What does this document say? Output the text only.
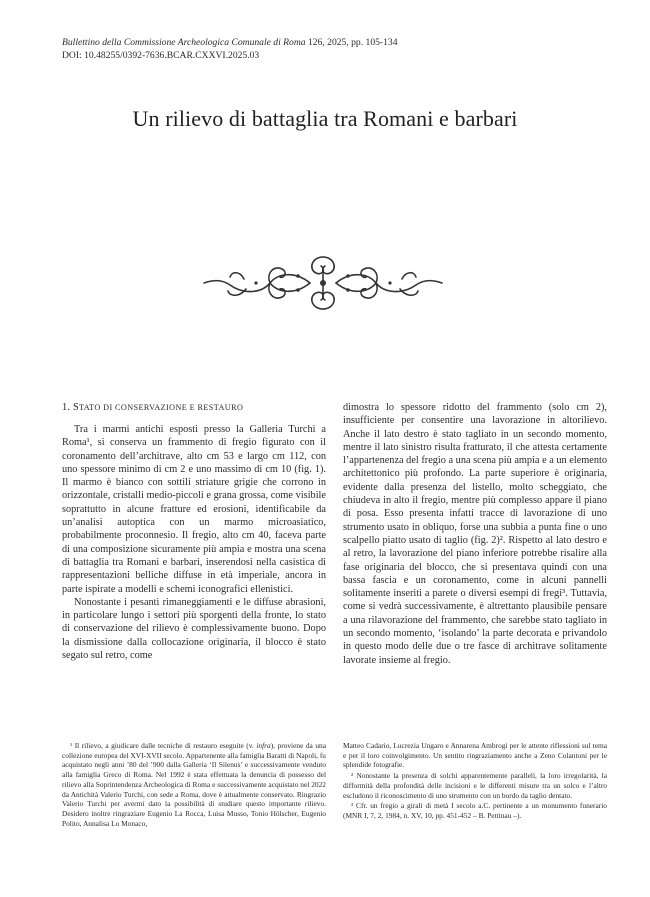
Bullettino della Commissione Archeologica Comunale di Roma 126, 2025, pp. 105-134
DOI: 10.48255/0392-7636.BCAR.CXXVI.2025.03
Un rilievo di battaglia tra Romani e barbari
1. STATO DI CONSERVAZIONE E RESTAURO

Tra i marmi antichi esposti presso la Galleria Turchi a Roma¹, si conserva un frammento di fregio figurato con il coronamento dell’architrave, alto cm 53 e largo cm 112, con uno spessore minimo di cm 2 e uno massimo di cm 10 (fig. 1). Il marmo è bianco con sottili striature grigie che corrono in orizzontale, cristalli medio-piccoli e grana grossa, come visibile soprattutto in alcune fratture ed erosioni, identificabile da un’analisi autoptica con un marmo microasiatico, probabilmente proconnesio. Il fregio, alto cm 40, faceva parte di una composizione sicuramente più ampia e mostra una scena di battaglia tra Romani e barbari, inserendosi nella casistica di rappresentazioni belliche diffuse in età imperiale, ancora in parte ispirate a modelli e schemi iconografici ellenistici.

Nonostante i pesanti rimaneggiamenti e le diffuse abrasioni, in particolare lungo i settori più sporgenti della fronte, lo stato di conservazione del rilievo è complessivamente buono. Dopo la dismissione dalla collocazione originaria, il blocco è stato segato sul retro, come

dimostra lo spessore ridotto del frammento (solo cm 2), insufficiente per consentire una lavorazione in altorilievo. Anche il lato destro è stato tagliato in un secondo momento, mentre il lato sinistro risulta fratturato, il che attesta certamente l’appartenenza del fregio a una scena più ampia e a un elemento architettonico più profondo. La parte superiore è originaria, evidente dalla presenza del listello, molto scheggiato, che chiudeva in alto il fregio, mentre più complesso appare il piano di posa. Esso presenta infatti tracce di lavorazione di uno strumento usato in obliquo, forse una subbia a punta fine o uno scalpello piatto usato di taglio (fig. 2)². Rispetto al lato destro e al retro, la lavorazione del piano inferiore potrebbe risalire alla fase originaria del blocco, che si presentava quindi con una bassa fascia e un coronamento, come in alcuni pannelli solitamente inseriti a parete o diversi esempi di fregi³. Tuttavia, come si vedrà successivamente, è altrettanto plausibile pensare a una rilavorazione del frammento, che sarebbe stato tagliato in un secondo momento, ‘isolando’ la parte decorata e privandolo in questo modo delle due o tre fasce di architrave solitamente lavorate insieme al fregio.

¹ Il rilievo, a giudicare dalle tecniche di restauro eseguite (v. infra), proviene da una collezione europea del XVI-XVII secolo. Appartenente alla famiglia Baratti di Napoli, fu acquistato negli anni ’80 del ’900 dalla Galleria ‘Il Silenus’ e successivamente venduto alla famiglia Greco di Roma. Nel 1992 è stata effettuata la denuncia di possesso del rilievo alla Soprintendenza Archeologica di Roma e successivamente acquistato nel 2022 da Antichità Valerio Turchi, con sede a Roma, dove è attualmente conservato. Ringrazio Valerio Turchi per avermi dato la possibilità di studiare questo importante rilievo. Desidero inoltre ringraziare Eugenio La Rocca, Luisa Musso, Tonio Hölscher, Eugenio Polito, Annalisa Lo Monaco,

Matteo Cadario, Lucrezia Ungaro e Annarena Ambrogi per le attente riflessioni sul tema e per il loro coinvolgimento. Un sentito ringraziamento anche a Zeno Colantoni per le splendide fotografie.

² Nonostante la presenza di solchi apparentemente paralleli, la loro irregolarità, la difformità della profondità delle incisioni e le differenti misure tra un solco e l’altro escludono il riconoscimento di uno strumento con un bordo da taglio dentato.

³ Cfr. un fregio a girali di metà I secolo a.C. pertinente a un monumento funerario (MNR I, 7, 2, 1984, n. XV, 10, pp. 451-452 – B. Pettinau –).
